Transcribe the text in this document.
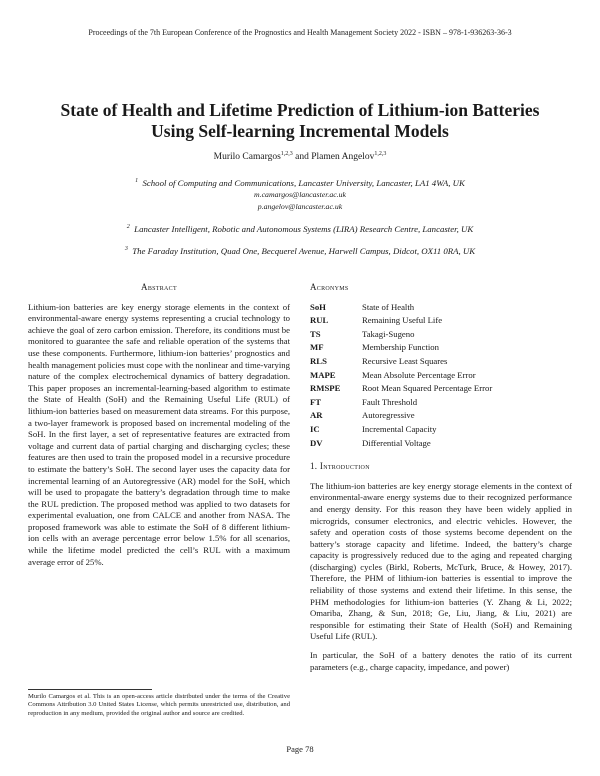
Proceedings of the 7th European Conference of the Prognostics and Health Management Society 2022 - ISBN – 978-1-936263-36-3
State of Health and Lifetime Prediction of Lithium-ion Batteries
Using Self-learning Incremental Models
Murilo Camargos$^{1,2,3}$ and Plamen Angelov$^{1,2,3}$
$^1$ School of Computing and Communications, Lancaster University, Lancaster, LA1 4WA, UK
m.camargos@lancaster.ac.uk
p.angelov@lancaster.ac.uk
$^2$ Lancaster Intelligent, Robotic and Autonomous Systems (LIRA) Research Centre, Lancaster, UK
$^3$ The Faraday Institution, Quad One, Becquerel Avenue, Harwell Campus, Didcot, OX11 0RA, UK
Abstract

Lithium-ion batteries are key energy storage elements in the context of environmental-aware energy systems representing a crucial technology to achieve the goal of zero carbon emission. Therefore, its conditions must be monitored to guarantee the safe and reliable operation of the systems that use these components. Furthermore, lithium-ion batteries’ prognostics and health management policies must cope with the nonlinear and time-varying nature of the complex electrochemical dynamics of battery degradation. This paper proposes an incremental-learning-based algorithm to estimate the State of Health (SoH) and the Remaining Useful Life (RUL) of lithium-ion batteries based on measurement data streams. For this purpose, a two-layer framework is proposed based on incremental modeling of the SoH. In the first layer, a set of representative features are extracted from voltage and current data of partial charging and discharging cycles; these features are then used to train the proposed model in a recursive procedure to estimate the battery’s SoH. The second layer uses the capacity data for incremental learning of an Autoregressive (AR) model for the SoH, which will be used to propagate the battery’s degradation through time to make the RUL prediction. The proposed method was applied to two datasets for experimental evaluation, one from CALCE and another from NASA. The proposed framework was able to estimate the SoH of 8 different lithium-ion cells with an average percentage error below 1.5% for all scenarios, while the lifetime model predicted the cell’s RUL with a maximum average error of 25%.

Murilo Camargos et al. This is an open-access article distributed under the terms of the Creative Commons Attribution 3.0 United States License, which permits unrestricted use, distribution, and reproduction in any medium, provided the original author and source are credited.
Acronyms
SoH	State of Health
RUL	Remaining Useful Life
TS	Takagi-Sugeno
MF	Membership Function
RLS	Recursive Least Squares
MAPE	Mean Absolute Percentage Error
RMSPE	Root Mean Squared Percentage Error
FT	Fault Threshold
AR	Autoregressive
IC	Incremental Capacity
DV	Differential Voltage
1. Introduction

The lithium-ion batteries are key energy storage elements in the context of environmental-aware energy systems due to their recognized performance and energy density. For this reason they have been widely applied in microgrids, consumer electronics, and electric vehicles. However, the safety and operation costs of those systems become dependent on the battery’s storage capacity and lifetime. Indeed, the battery’s charge capacity is progressively reduced due to the aging and repeated charging (discharging) cycles (Birkl, Roberts, McTurk, Bruce, & Howey, 2017). Therefore, the PHM of lithium-ion batteries is essential to improve the reliability of those systems and extend their lifetime. In this sense, the PHM methodologies for lithium-ion batteries (Y. Zhang & Li, 2022; Omariba, Zhang, & Sun, 2018; Ge, Liu, Jiang, & Liu, 2021) are responsible for estimating their State of Health (SoH) and Remaining Useful Life (RUL).

In particular, the SoH of a battery denotes the ratio of its current parameters (e.g., charge capacity, impedance, and power)

Page 78
